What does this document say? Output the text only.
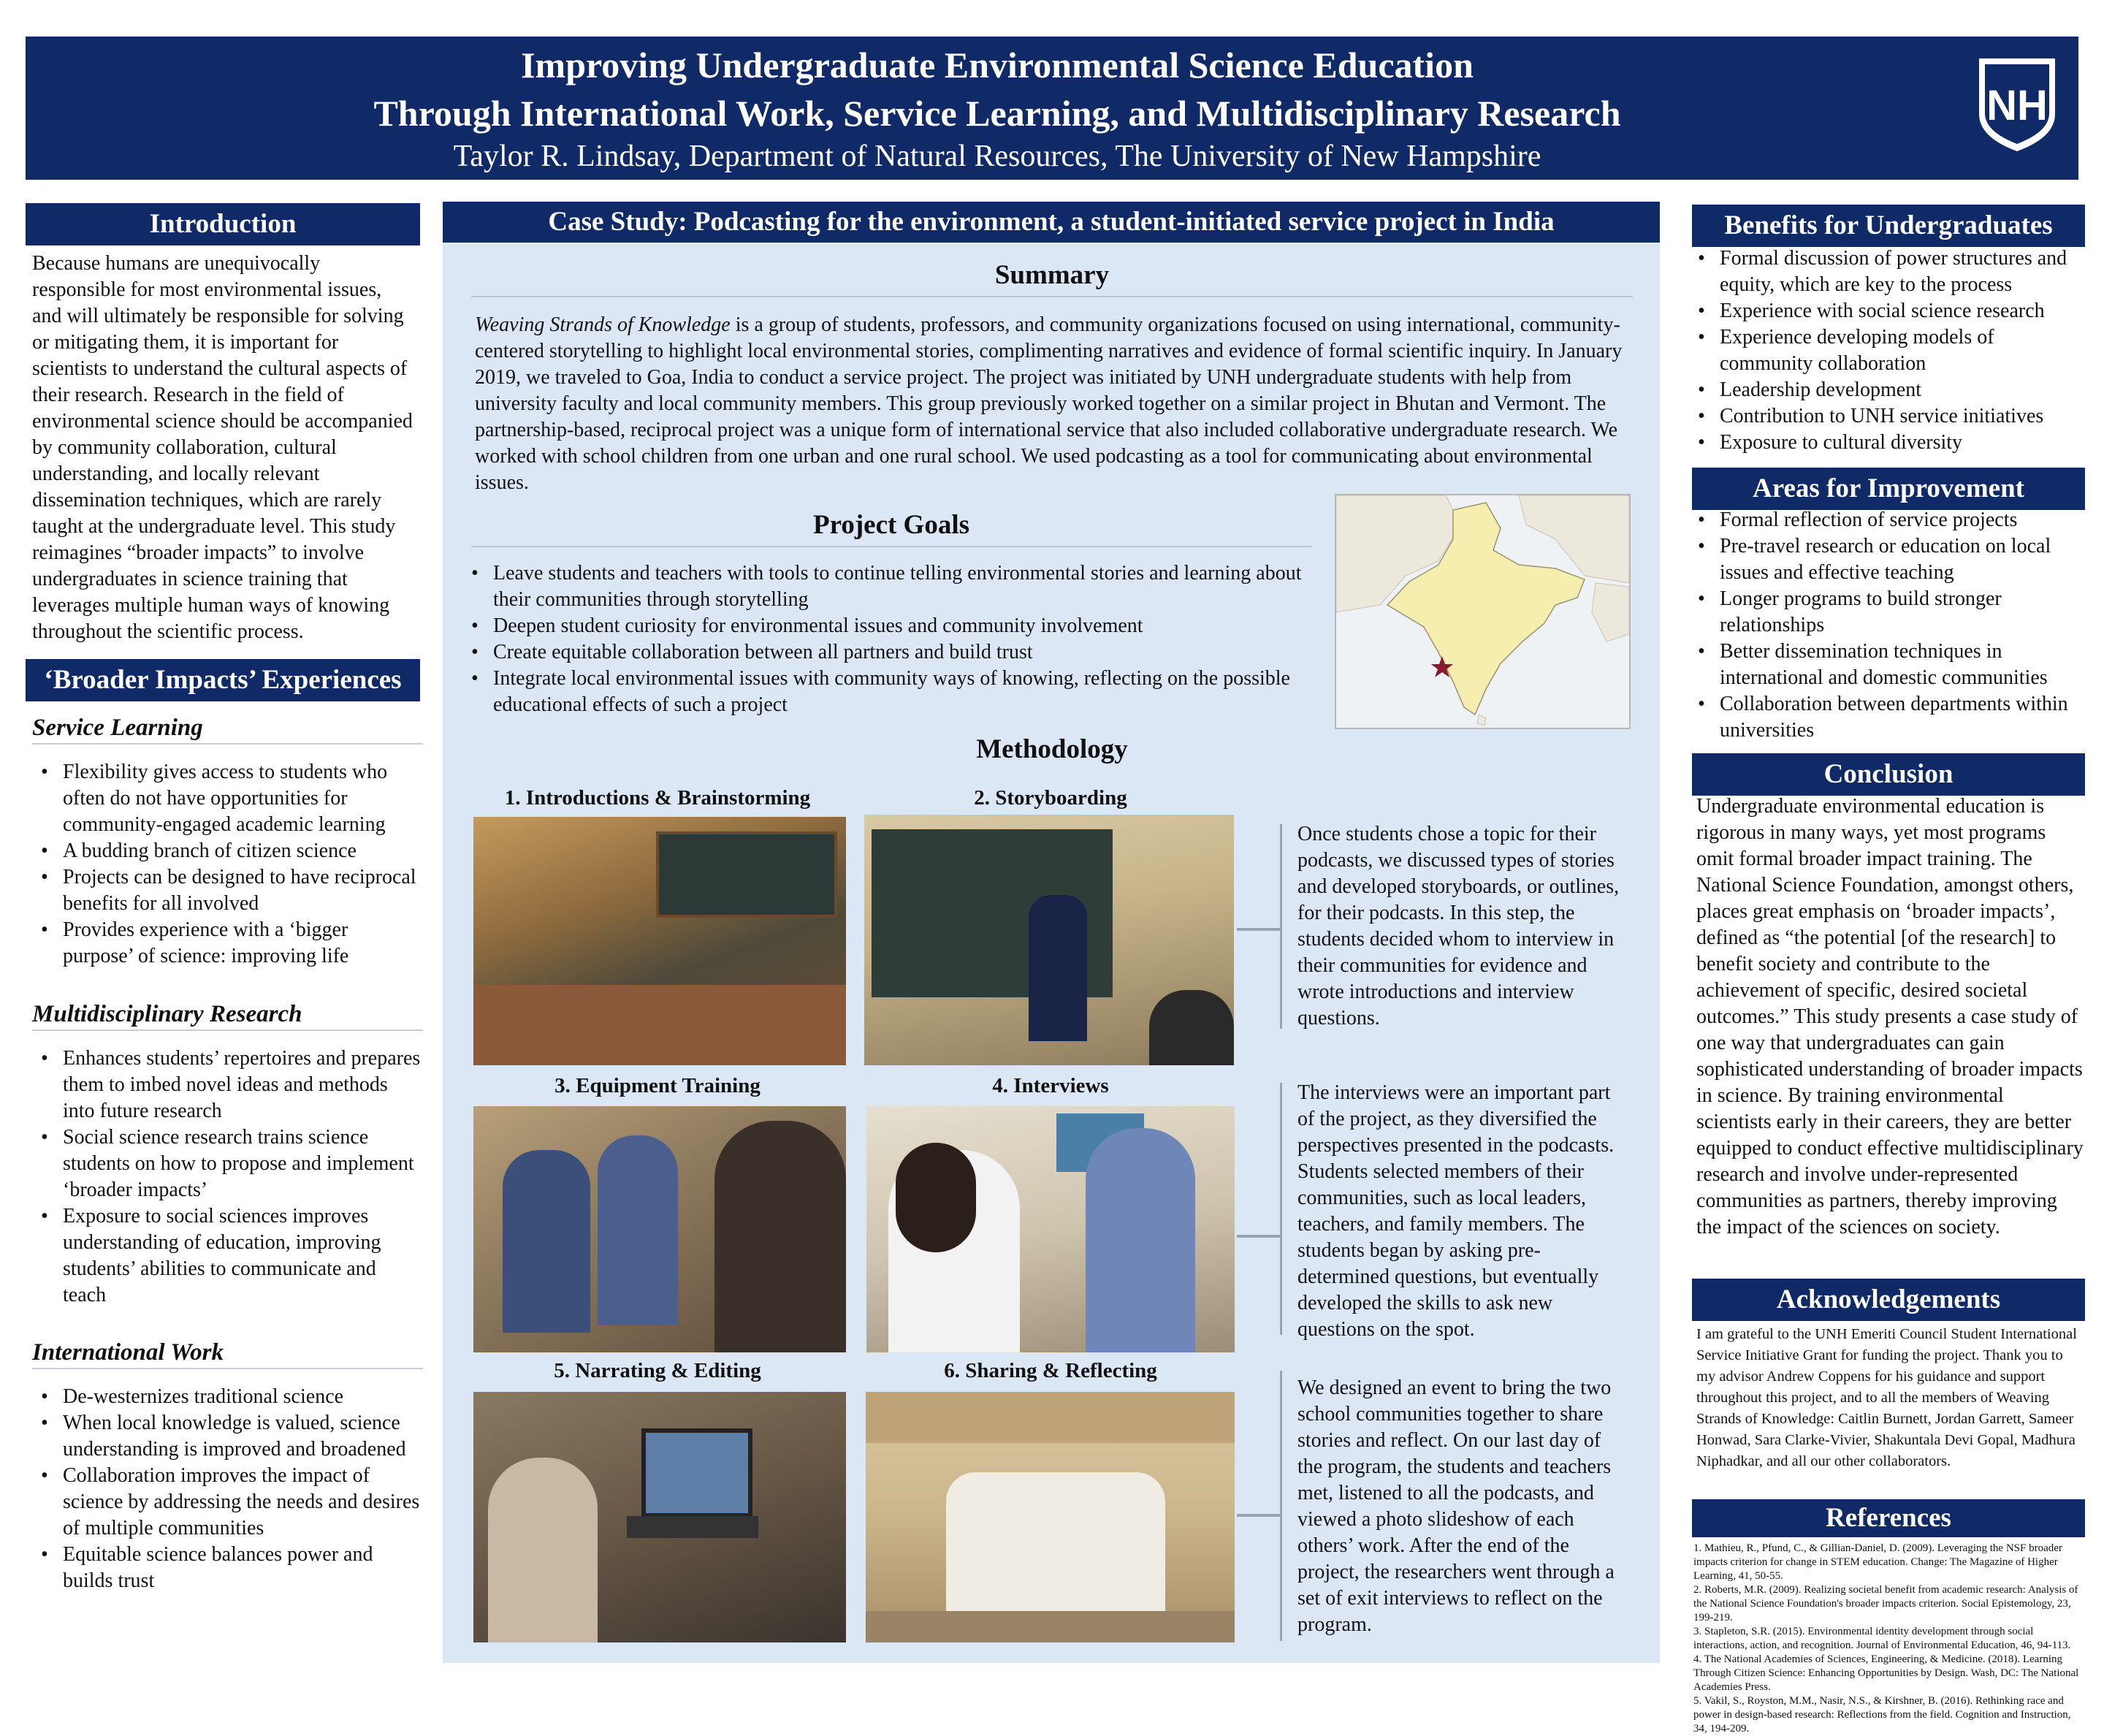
Improving Undergraduate Environmental Science Education
Through International Work, Service Learning, and Multidisciplinary Research
Taylor R. Lindsay, Department of Natural Resources, The University of New Hampshire
NH
Introduction
Because humans are unequivocally responsible for most environmental issues, and will ultimately be responsible for solving or mitigating them, it is important for scientists to understand the cultural aspects of their research. Research in the field of environmental science should be accompanied by community collaboration, cultural understanding, and locally relevant dissemination techniques, which are rarely taught at the undergraduate level. This study reimagines “broader impacts” to involve undergraduates in science training that leverages multiple human ways of knowing throughout the scientific process.
‘Broader Impacts’ Experiences
Service Learning
• Flexibility gives access to students who often do not have opportunities for community-engaged academic learning
• A budding branch of citizen science
• Projects can be designed to have reciprocal benefits for all involved
• Provides experience with a ‘bigger purpose’ of science: improving life
Multidisciplinary Research
• Enhances students’ repertoires and prepares them to imbed novel ideas and methods into future research
• Social science research trains science students on how to propose and implement ‘broader impacts’
• Exposure to social sciences improves understanding of education, improving students’ abilities to communicate and teach
International Work
• De-westernizes traditional science
• When local knowledge is valued, science understanding is improved and broadened
• Collaboration improves the impact of science by addressing the needs and desires of multiple communities
• Equitable science balances power and builds trust
Case Study: Podcasting for the environment, a student-initiated service project in India
Summary
Weaving Strands of Knowledge is a group of students, professors, and community organizations focused on using international, community-centered storytelling to highlight local environmental stories, complimenting narratives and evidence of formal scientific inquiry. In January 2019, we traveled to Goa, India to conduct a service project. The project was initiated by UNH undergraduate students with help from university faculty and local community members. This group previously worked together on a similar project in Bhutan and Vermont. The partnership-based, reciprocal project was a unique form of international service that also included collaborative undergraduate research. We worked with school children from one urban and one rural school. We used podcasting as a tool for communicating about environmental issues.
Project Goals
• Leave students and teachers with tools to continue telling environmental stories and learning about their communities through storytelling
• Deepen student curiosity for environmental issues and community involvement
• Create equitable collaboration between all partners and build trust
• Integrate local environmental issues with community ways of knowing, reflecting on the possible educational effects of such a project
Methodology
1. Introductions & Brainstorming	2. Storyboarding
Once students chose a topic for their podcasts, we discussed types of stories and developed storyboards, or outlines, for their podcasts. In this step, the students decided whom to interview in their communities for evidence and wrote introductions and interview questions.
3. Equipment Training	4. Interviews	The interviews were an important part of the project, as they diversified the perspectives presented in the podcasts. Students selected members of their communities, such as local leaders, teachers, and family members. The students began by asking pre-determined questions, but eventually developed the skills to ask new questions on the spot.
5. Narrating & Editing	6. Sharing & Reflecting
We designed an event to bring the two school communities together to share stories and reflect. On our last day of the program, the students and teachers met, listened to all the podcasts, and viewed a photo slideshow of each others’ work. After the end of the project, the researchers went through a set of exit interviews to reflect on the program.
Benefits for Undergraduates
• Formal discussion of power structures and equity, which are key to the process
• Experience with social science research
• Experience developing models of community collaboration
• Leadership development
• Contribution to UNH service initiatives
• Exposure to cultural diversity
Areas for Improvement
• Formal reflection of service projects
• Pre-travel research or education on local issues and effective teaching
• Longer programs to build stronger relationships
• Better dissemination techniques in international and domestic communities
• Collaboration between departments within universities
Conclusion
Undergraduate environmental education is rigorous in many ways, yet most programs omit formal broader impact training. The National Science Foundation, amongst others, places great emphasis on ‘broader impacts’, defined as “the potential [of the research] to benefit society and contribute to the achievement of specific, desired societal outcomes.” This study presents a case study of one way that undergraduates can gain sophisticated understanding of broader impacts in science. By training environmental scientists early in their careers, they are better equipped to conduct effective multidisciplinary research and involve under-represented communities as partners, thereby improving the impact of the sciences on society.
Acknowledgements
I am grateful to the UNH Emeriti Council Student International Service Initiative Grant for funding the project. Thank you to my advisor Andrew Coppens for his guidance and support throughout this project, and to all the members of Weaving Strands of Knowledge: Caitlin Burnett, Jordan Garrett, Sameer Honwad, Sara Clarke-Vivier, Shakuntala Devi Gopal, Madhura Niphadkar, and all our other collaborators.
References
1. Mathieu, R., Pfund, C., & Gillian-Daniel, D. (2009). Leveraging the NSF broader impacts criterion for change in STEM education. Change: The Magazine of Higher Learning, 41, 50-55.
2. Roberts, M.R. (2009). Realizing societal benefit from academic research: Analysis of the National Science Foundation's broader impacts criterion. Social Epistemology, 23, 199-219.
3. Stapleton, S.R. (2015). Environmental identity development through social interactions, action, and recognition. Journal of Environmental Education, 46, 94-113.
4. The National Academies of Sciences, Engineering, & Medicine. (2018). Learning Through Citizen Science: Enhancing Opportunities by Design. Wash, DC: The National Academies Press.
5. Vakil, S., Royston, M.M., Nasir, N.S., & Kirshner, B. (2016). Rethinking race and power in design-based research: Reflections from the field. Cognition and Instruction, 34, 194-209.
